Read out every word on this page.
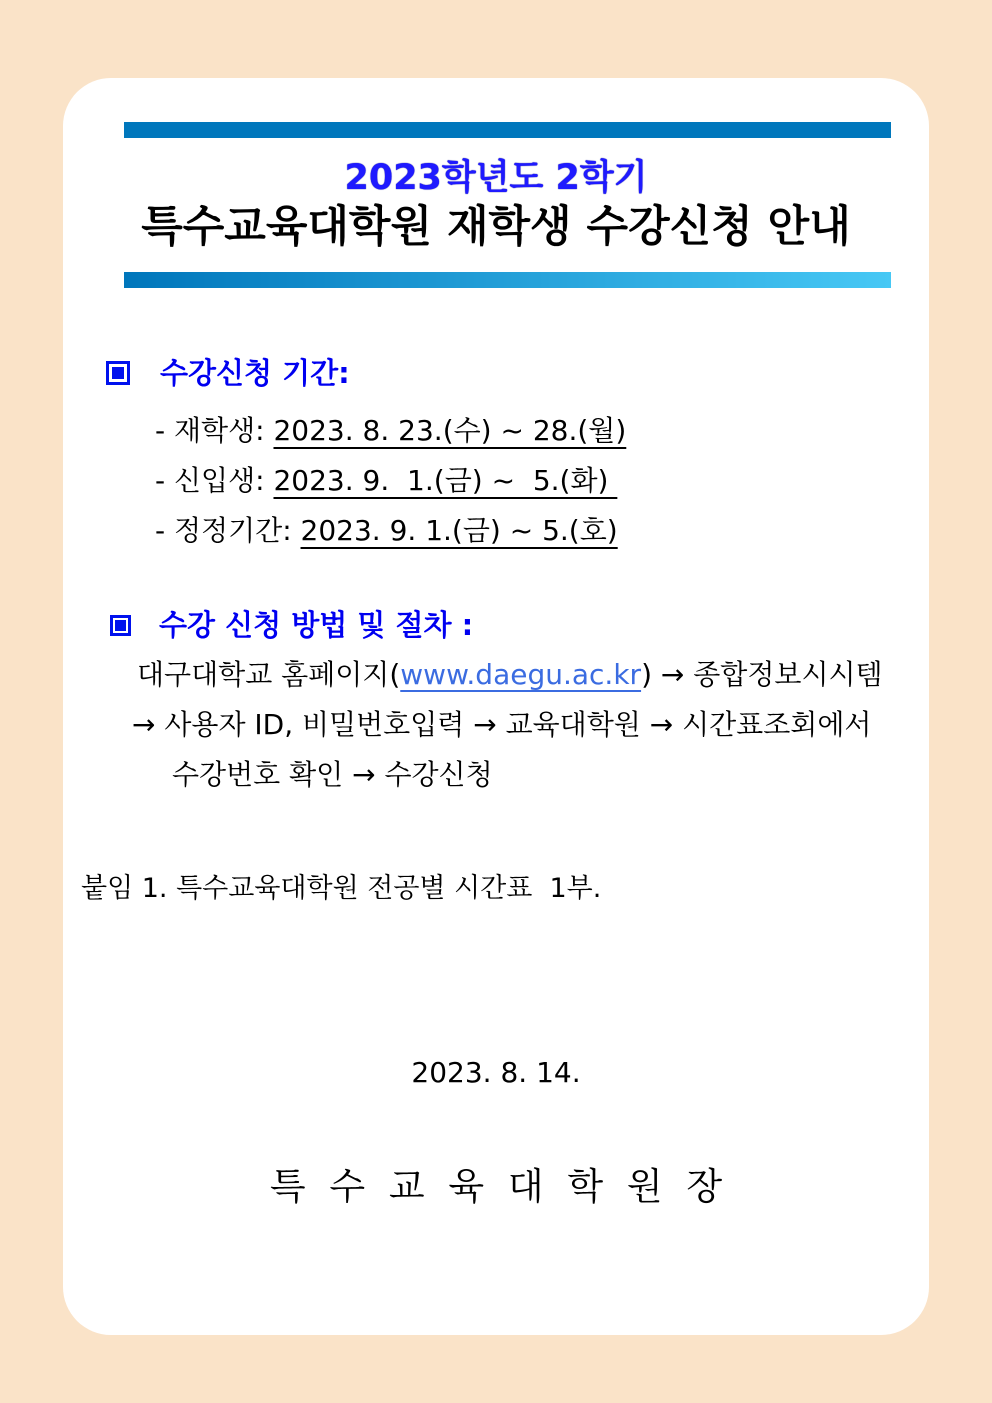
2023학년도 2학기
특수교육대학원 재학생 수강신청 안내
수강신청 기간:
- 재학생: 2023. 8. 23.(수) ~ 28.(월)
- 신입생: 2023. 9.  1.(금) ~  5.(화)
- 정정기간: 2023. 9. 1.(금) ~ 5.(호)
수강 신청 방법 및 절차 :
대구대학교 홈페이지(www.daegu.ac.kr) → 종합정보시시템
→ 사용자 ID, 비밀번호입력 → 교육대학원 → 시간표조회에서
수강번호 확인 → 수강신청
붙임 1. 특수교육대학원 전공별 시간표  1부.
2023. 8. 14.
특 수 교 육 대 학 원 장
